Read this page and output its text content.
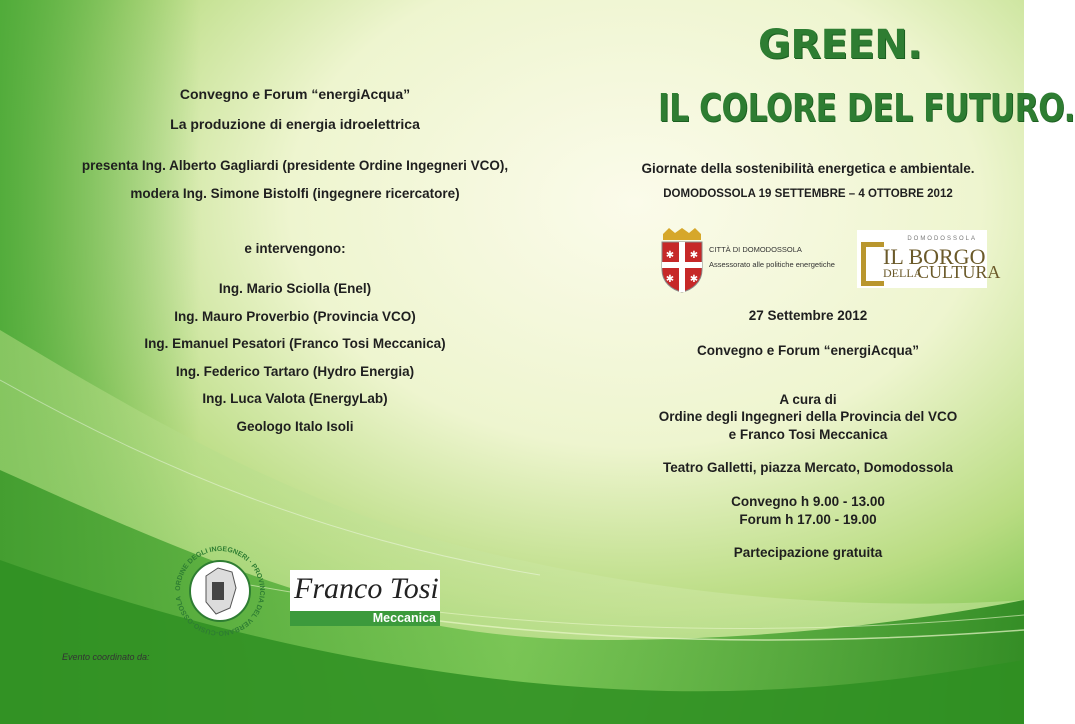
Convegno e Forum “energiAcqua”
La produzione di energia idroelettrica
presenta Ing. Alberto Gagliardi (presidente Ordine Ingegneri VCO),
modera Ing. Simone Bistolfi (ingegnere ricercatore)
e intervengono:
Ing. Mario Sciolla (Enel)
Ing. Mauro Proverbio (Provincia VCO)
Ing. Emanuel Pesatori (Franco Tosi Meccanica)
Ing. Federico Tartaro (Hydro Energia)
Ing. Luca Valota (EnergyLab)
Geologo Italo Isoli
ORDINE DEGLI INGEGNERI · PROVINCIA DEL VERBANO-CUSIO-OSSOLA	Franco Tosi
Meccanica
Evento coordinato da:
GREEN.
IL COLORE DEL FUTURO.
Giornate della sostenibilità energetica e ambientale.
DOMODOSSOLA 19 SETTEMBRE – 4 OTTOBRE 2012
✱ ✱
✱ ✱
CITTÀ DI DOMODOSSOLA
Assessorato alle politiche energetiche
DOMODOSSOLA
IL BORGO
DELLA
CULTURA
27 Settembre 2012
Convegno e Forum “energiAcqua”
A cura di
Ordine degli Ingegneri della Provincia del VCO
e Franco Tosi Meccanica
Teatro Galletti, piazza Mercato, Domodossola
Convegno h 9.00 - 13.00
Forum h 17.00 - 19.00
Partecipazione gratuita
